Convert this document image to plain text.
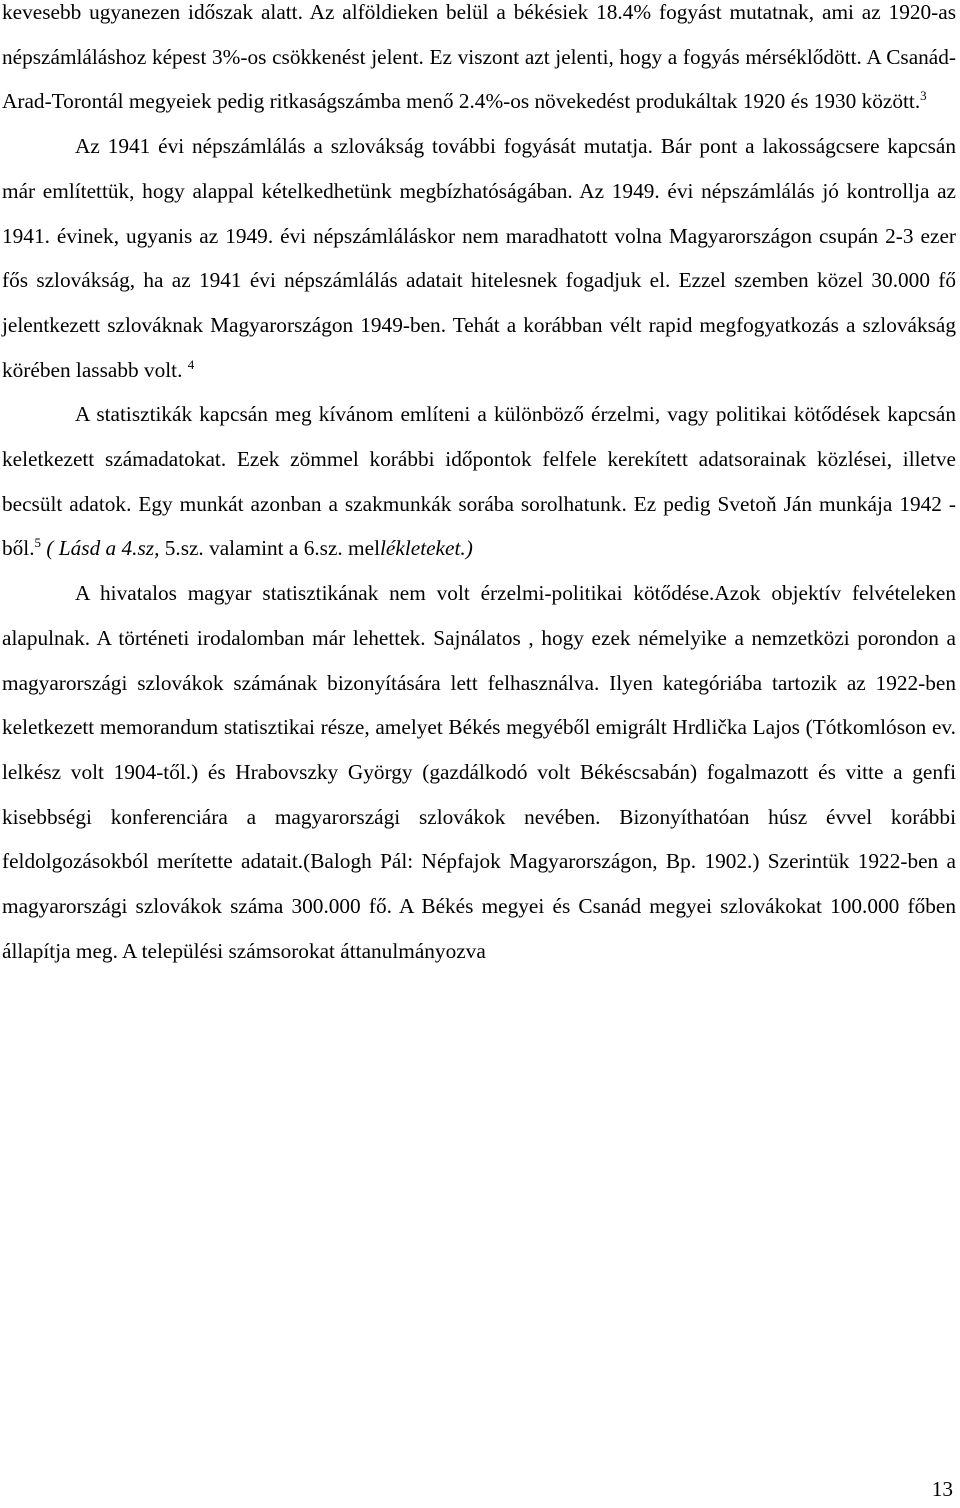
kevesebb ugyanezen időszak alatt. Az alföldieken belül a békésiek 18.4% fogyást mutatnak, ami az 1920-as népszámláláshoz képest 3%-os csökkenést jelent. Ez viszont azt jelenti, hogy a fogyás mérséklődött. A Csanád-Arad-Torontál megyeiek pedig ritkaságszámba menő 2.4%-os növekedést produkáltak 1920 és 1930 között.$^3$

Az 1941 évi népszámlálás a szlovákság további fogyását mutatja. Bár pont a lakosságcsere kapcsán már említettük, hogy alappal kételkedhetünk megbízhatóságában. Az 1949. évi népszámlálás jó kontrollja az 1941. évinek, ugyanis az 1949. évi népszámláláskor nem maradhatott volna Magyarországon csupán 2-3 ezer fős szlovákság, ha az 1941 évi népszámlálás adatait hitelesnek fogadjuk el. Ezzel szemben közel 30.000 fő jelentkezett szlováknak Magyarországon 1949-ben. Tehát a korábban vélt rapid megfogyatkozás a szlovákság körében lassabb volt. $^4$

A statisztikák kapcsán meg kívánom említeni a különböző érzelmi, vagy politikai kötődések kapcsán keletkezett számadatokat. Ezek zömmel korábbi időpontok felfele kerekített adatsorainak közlései, illetve becsült adatok. Egy munkát azonban a szakmunkák sorába sorolhatunk. Ez pedig Svetoň Ján munkája 1942 -ből.$^5$ ( Lásd a 4.sz, 5.sz. valamint a 6.sz. mellékleteket.)

A hivatalos magyar statisztikának nem volt érzelmi-politikai kötődése.Azok objektív felvételeken alapulnak. A történeti irodalomban már lehettek. Sajnálatos , hogy ezek némelyike a nemzetközi porondon a magyarországi szlovákok számának bizonyítására lett felhasználva. Ilyen kategóriába tartozik az 1922-ben keletkezett memorandum statisztikai része, amelyet Békés megyéből emigrált Hrdlička Lajos (Tótkomlóson ev. lelkész volt 1904-től.) és Hrabovszky György (gazdálkodó volt Békéscsabán) fogalmazott és vitte a genfi kisebbségi konferenciára a magyarországi szlovákok nevében. Bizonyíthatóan húsz évvel korábbi feldolgozásokból merítette adatait.(Balogh Pál: Népfajok Magyarországon, Bp. 1902.) Szerintük 1922-ben a magyarországi szlovákok száma 300.000 fő. A Békés megyei és Csanád megyei szlovákokat 100.000 főben állapítja meg. A települési számsorokat áttanulmányozva

13
